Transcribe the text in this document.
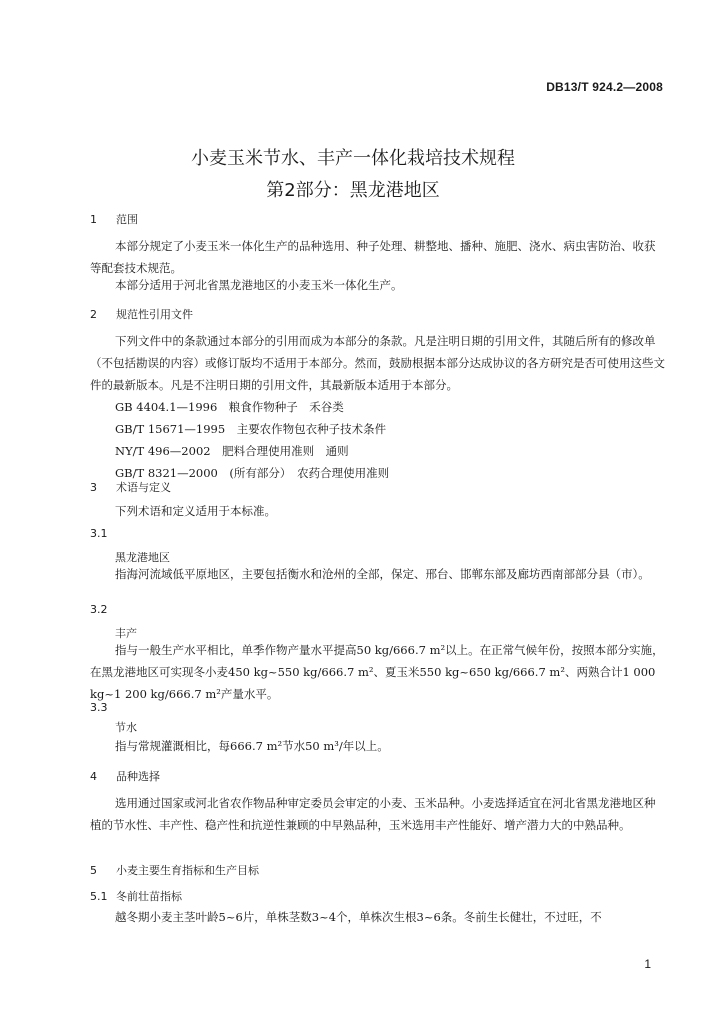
DB13/T 924.2—2008
小麦玉米节水、丰产一体化栽培技术规程
第2部分：黑龙港地区
1 范围

本部分规定了小麦玉米一体化生产的品种选用、种子处理、耕整地、播种、施肥、浇水、病虫害防治、收获等配套技术规范。

本部分适用于河北省黑龙港地区的小麦玉米一体化生产。

2 规范性引用文件

下列文件中的条款通过本部分的引用而成为本部分的条款。凡是注明日期的引用文件，其随后所有的修改单（不包括勘误的内容）或修订版均不适用于本部分。然而，鼓励根据本部分达成协议的各方研究是否可使用这些文件的最新版本。凡是不注明日期的引用文件，其最新版本适用于本部分。

GB 4404.1—1996　粮食作物种子　禾谷类
GB/T 15671—1995　主要农作物包衣种子技术条件
NY/T 496—2002　肥料合理使用准则　通则
GB/T 8321—2000　(所有部分）　农药合理使用准则
3 术语与定义

下列术语和定义适用于本标准。

3.1
黑龙港地区

指海河流域低平原地区，主要包括衡水和沧州的全部，保定、邢台、邯郸东部及廊坊西南部部分县（市）。

3.2
丰产

指与一般生产水平相比，单季作物产量水平提高50 kg/666.7 m²以上。在正常气候年份，按照本部分实施，在黑龙港地区可实现冬小麦450 kg~550 kg/666.7 m²、夏玉米550 kg~650 kg/666.7 m²、两熟合计1 000 kg~1 200 kg/666.7 m²产量水平。

3.3
节水

指与常规灌溉相比，每666.7 m²节水50 m³/年以上。

4 品种选择

选用通过国家或河北省农作物品种审定委员会审定的小麦、玉米品种。小麦选择适宜在河北省黑龙港地区种植的节水性、丰产性、稳产性和抗逆性兼顾的中早熟品种，玉米选用丰产性能好、增产潜力大的中熟品种。

5 小麦主要生育指标和生产目标
5.1 冬前壮苗指标

越冬期小麦主茎叶龄5~6片，单株茎数3~4个，单株次生根3~6条。冬前生长健壮，不过旺，不

1
